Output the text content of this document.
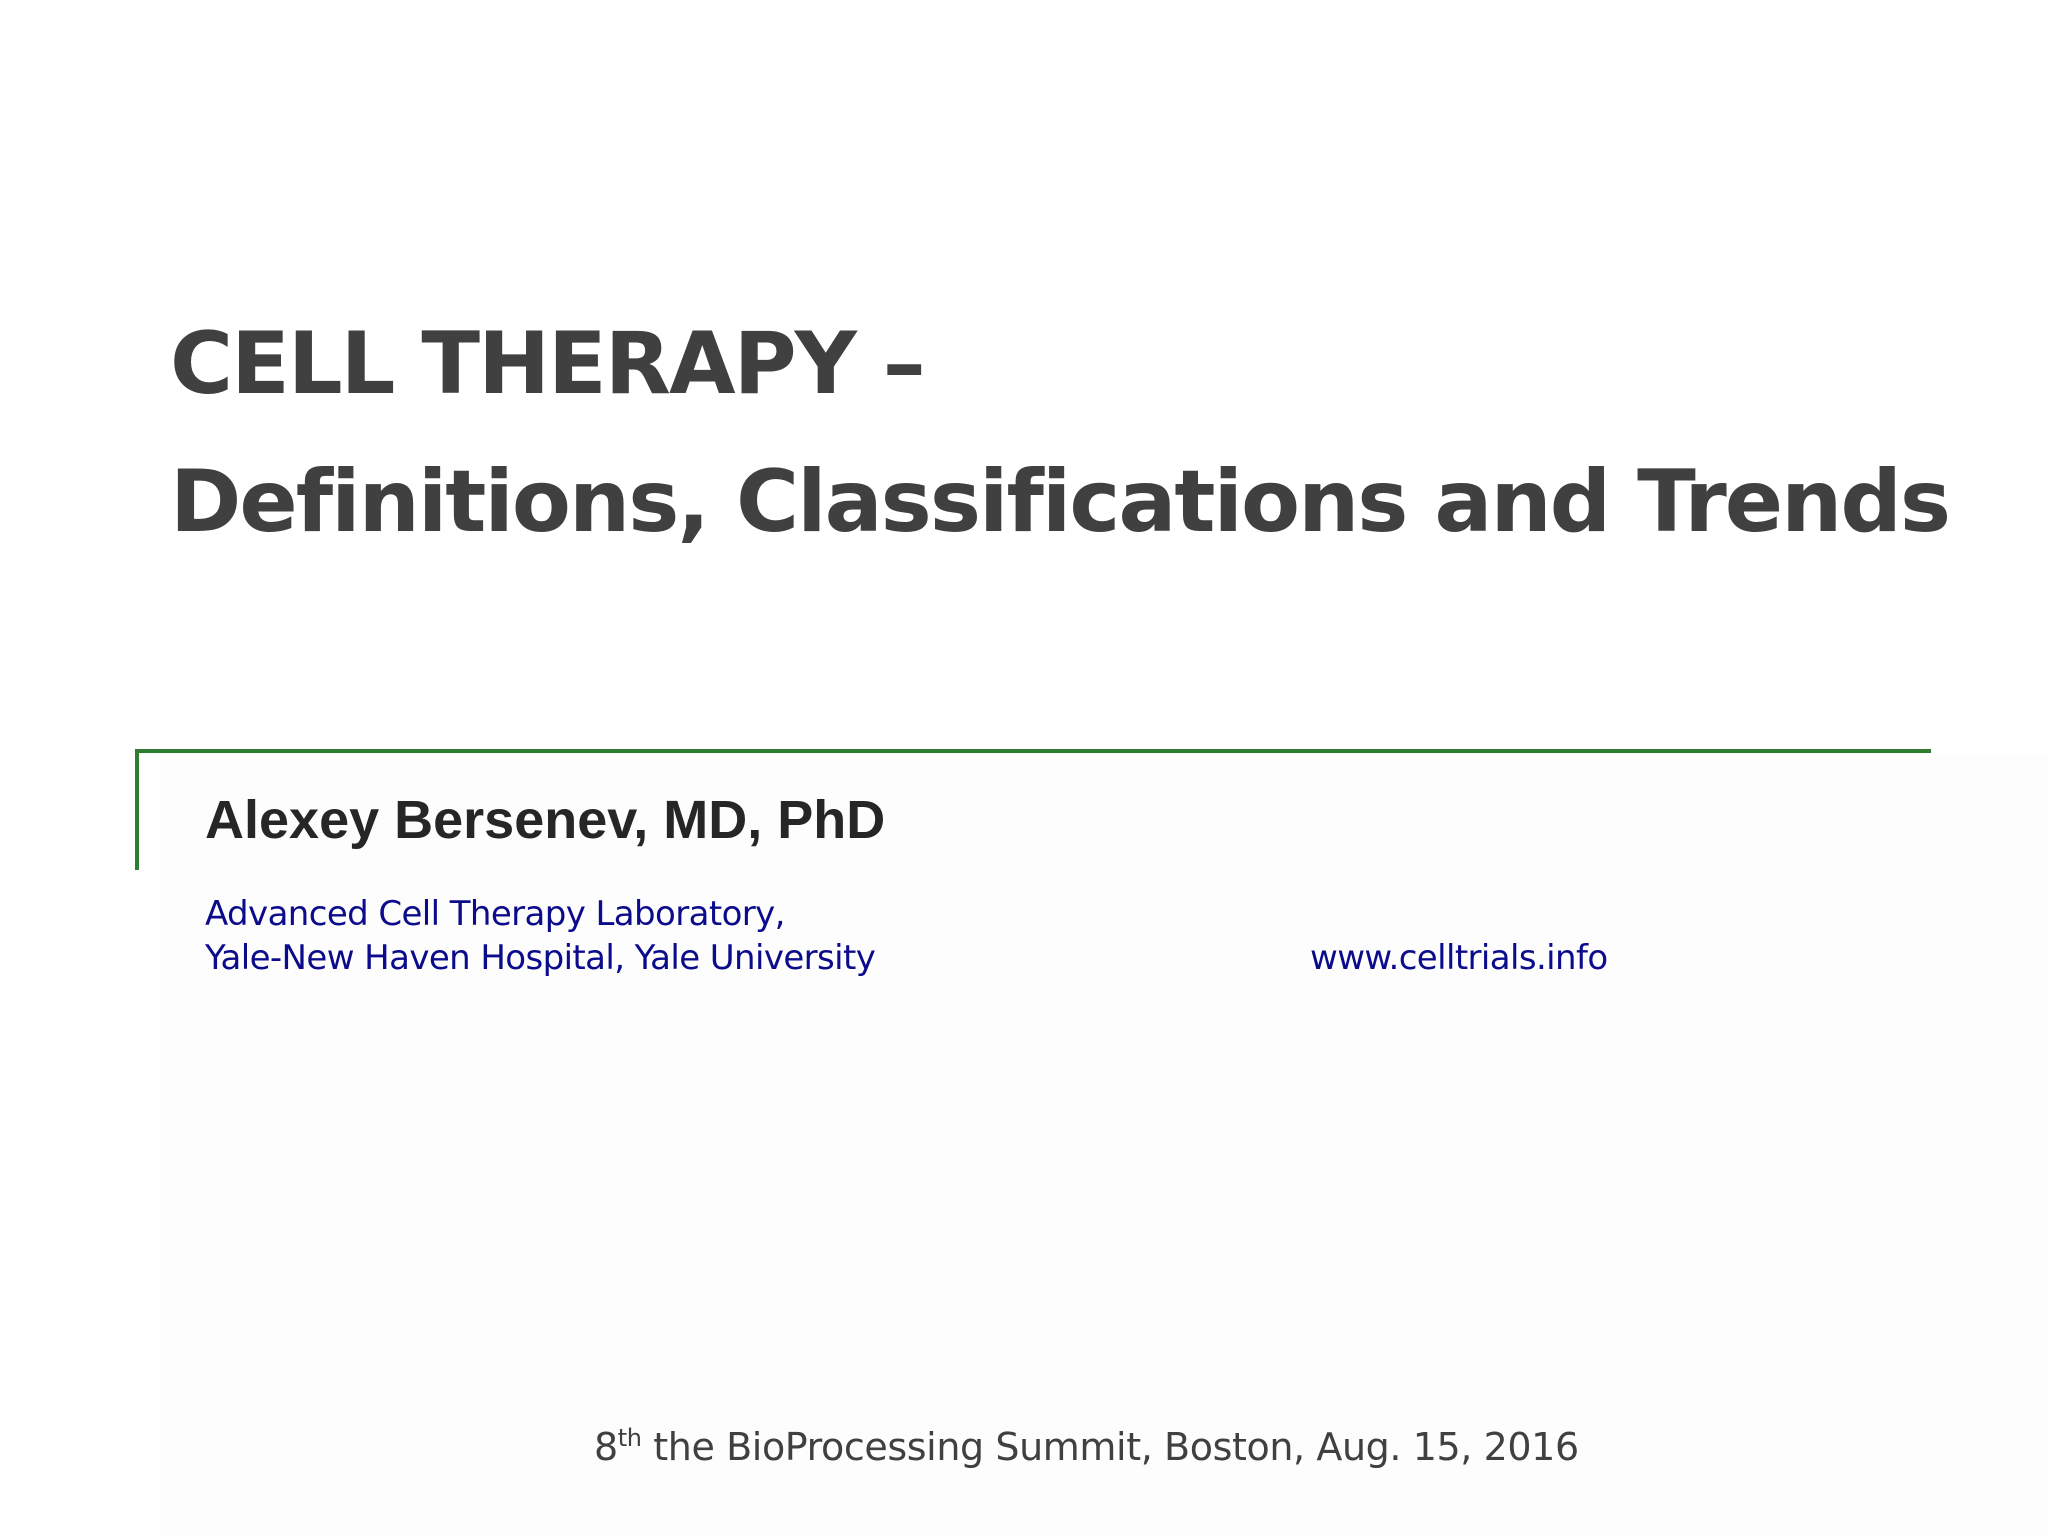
CELL THERAPY –
Definitions, Classifications and Trends

Alexey Bersenev, MD, PhD

Advanced Cell Therapy Laboratory,
Yale-New Haven Hospital, Yale University	www.celltrials.info

8th the BioProcessing Summit, Boston, Aug. 15, 2016
